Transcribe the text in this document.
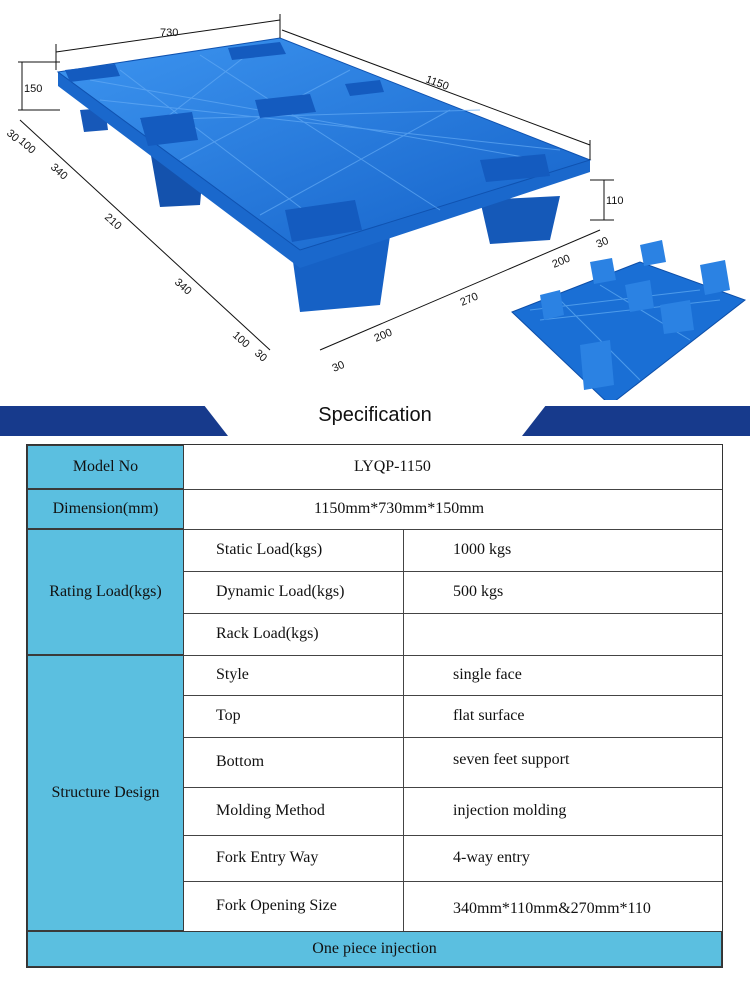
730
1150
150
110
30
100
340
210
340
100
30
30
200
270
200
30
Specification
Model No	LYQP-1150
Dimension(mm)	1150mm*730mm*150mm
Rating Load(kgs)
Static Load(kgs)	1000 kgs
Dynamic Load(kgs)	500 kgs
Rack Load(kgs)
Structure Design
Style	single face
Top	flat surface
Bottom	seven feet support
Molding Method	injection molding
Fork Entry Way	4-way entry
Fork Opening Size	340mm*110mm&270mm*110
One piece injection
